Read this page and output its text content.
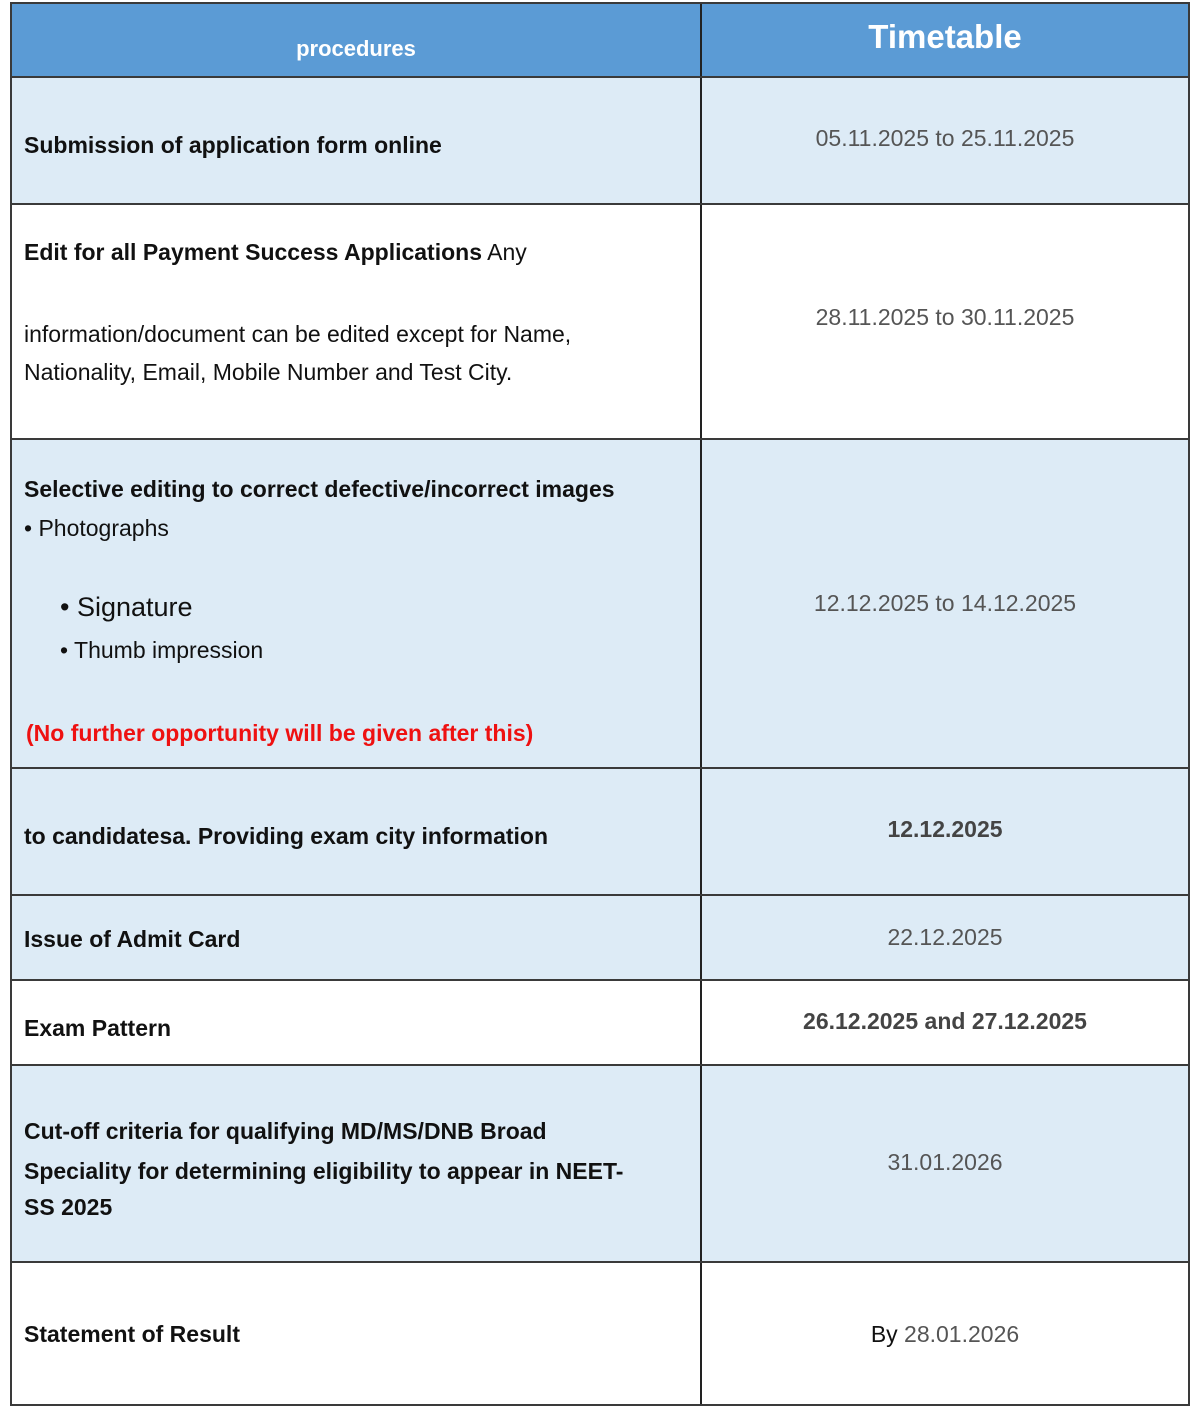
procedures	Timetable
Submission of application form online	05.11.2025 to 25.11.2025
Edit for all Payment Success Applications Any
information/document can be edited except for Name,
Nationality, Email, Mobile Number and Test City.
28.11.2025 to 30.11.2025
Selective editing to correct defective/incorrect images
• Photographs
• Signature
• Thumb impression
(No further opportunity will be given after this)
12.12.2025 to 14.12.2025
to candidatesa. Providing exam city information	12.12.2025
Issue of Admit Card	22.12.2025
Exam Pattern	26.12.2025 and 27.12.2025
Cut-off criteria for qualifying MD/MS/DNB Broad
Speciality for determining eligibility to appear in NEET-
SS 2025
31.01.2026
Statement of Result	By 28.01.2026
